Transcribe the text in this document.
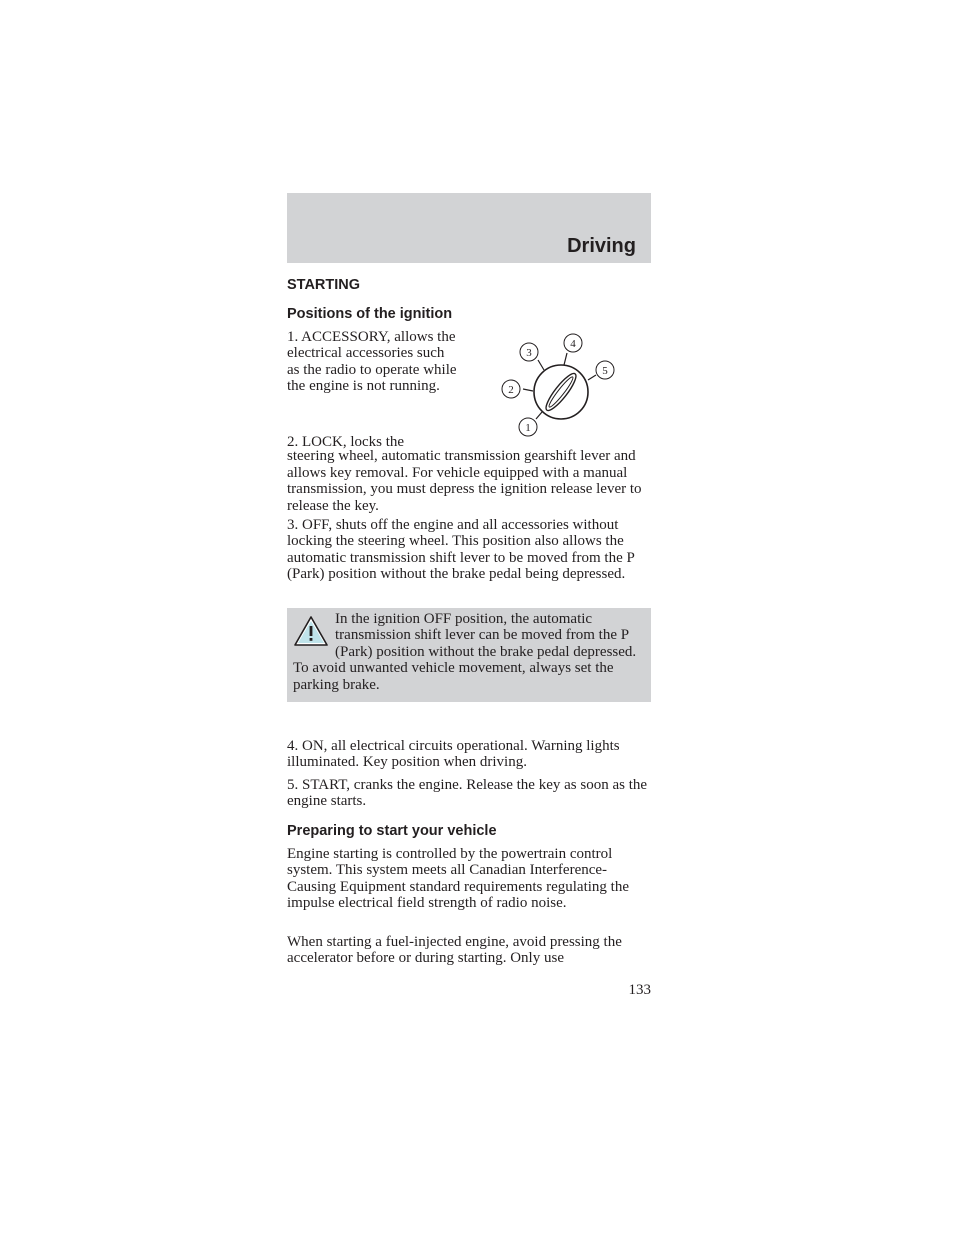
Driving

STARTING

Positions of the ignition

1. ACCESSORY, allows the electrical accessories such as the radio to operate while the engine is not running.

1
2
3
4
5

2. LOCK, locks the

steering wheel, automatic transmission gearshift lever and allows key removal. For vehicle equipped with a manual transmission, you must depress the ignition release lever to release the key.

3. OFF, shuts off the engine and all accessories without locking the steering wheel. This position also allows the automatic transmission shift lever to be moved from the P (Park) position without the brake pedal being depressed.

In the ignition OFF position, the automatic transmission shift lever can be moved from the P (Park) position without the brake pedal depressed. To avoid unwanted vehicle movement, always set the parking brake.

4. ON, all electrical circuits operational. Warning lights illuminated. Key position when driving.

5. START, cranks the engine. Release the key as soon as the engine starts.

Preparing to start your vehicle

Engine starting is controlled by the powertrain control system. This system meets all Canadian Interference-Causing Equipment standard requirements regulating the impulse electrical field strength of radio noise.

When starting a fuel-injected engine, avoid pressing the accelerator before or during starting. Only use

133
